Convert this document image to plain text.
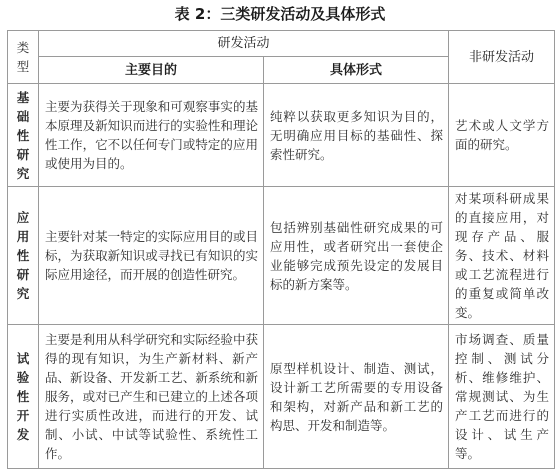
表 2：三类研发活动及具体形式
类
型	研发活动		非研发活动
	主要目的	具体形式	
基
础
性
研
究	主要为获得关于现象和可观察事实的基本原理及新知识而进行的实验性和理论性工作，它不以任何专门或特定的应用或使用为目的。	纯粹以获取更多知识为目的，无明确应用目标的基础性、探索性研究。	艺术或人文学方面的研究。

应
用
性
研
究	主要针对某一特定的实际应用目的或目标，为获取新知识或寻找已有知识的实际应用途径，而开展的创造性研究。	包括辨别基础性研究成果的可应用性，或者研究出一套使企业能够完成预先设定的发展目标的新方案等。	对某项科研成果的直接应用，对现存产品、服务、技术、材料或工艺流程进行的重复或简单改变。

试
验
性
开
发	主要是利用从科学研究和实际经验中获得的现有知识，为生产新材料、新产品、新设备、开发新工艺、新系统和新服务，或对已产生和已建立的上述各项进行实质性改进，而进行的开发、试制、小试、中试等试验性、系统性工作。	原型样机设计、制造、测试，设计新工艺所需要的专用设备和架构，对新产品和新工艺的构思、开发和制造等。	市场调查、质量控制、测试分析、维修维护、常规测试、为生产工艺而进行的设计、试生产等。
